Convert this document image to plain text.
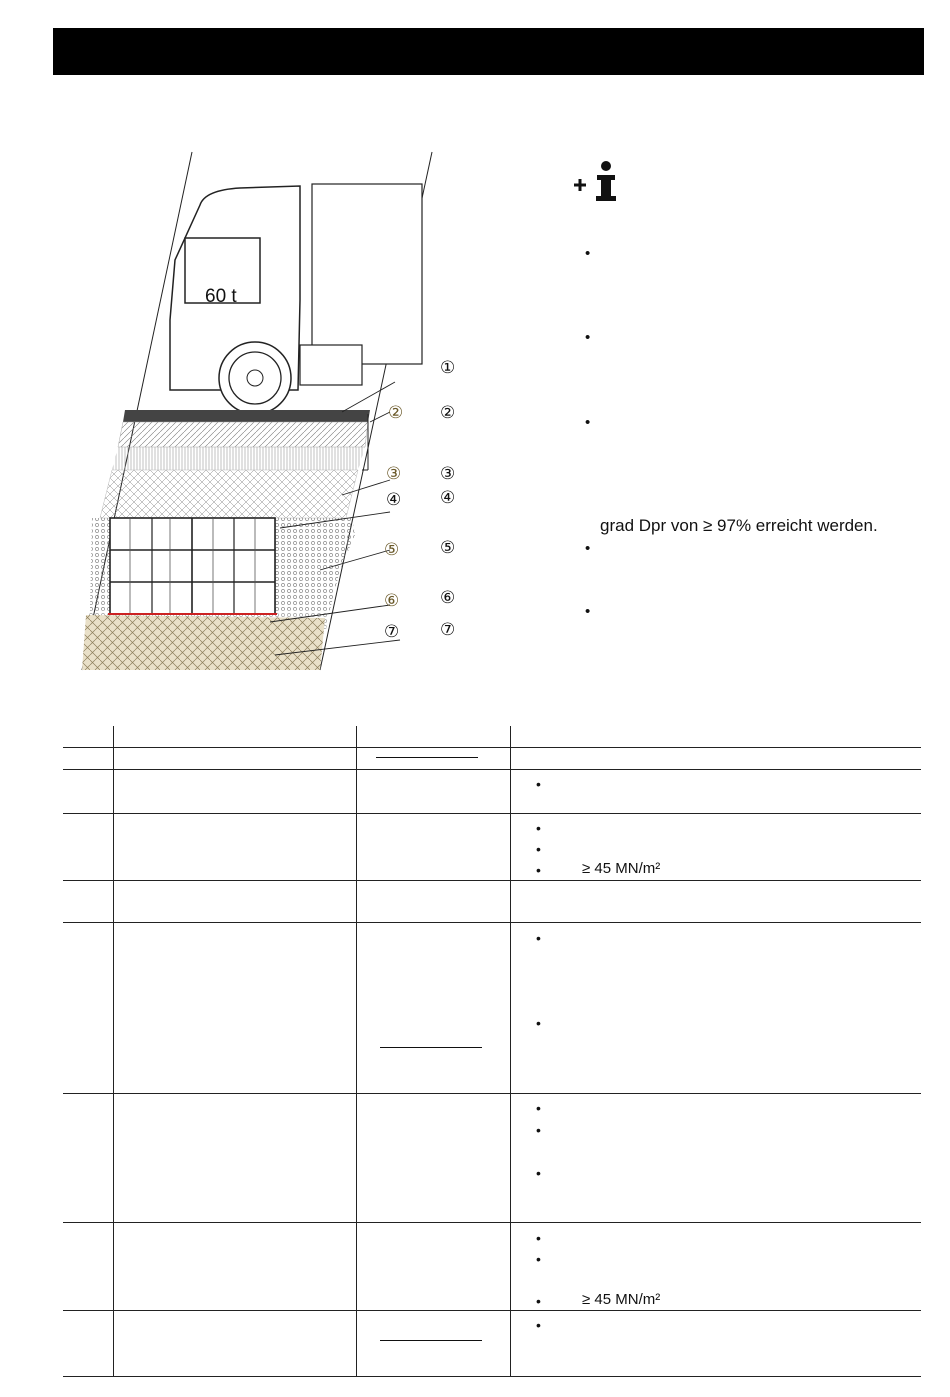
60 t
②
③
④
⑤
⑥
⑦
①
②
③
④
⑤
⑥
⑦
•
•
•
grad Dpr von ≥ 97% erreicht werden.
•
•
•
•
•
•	≥ 45 MN/m²
•
•
•
•
•
•
•
•	≥ 45 MN/m²
•
